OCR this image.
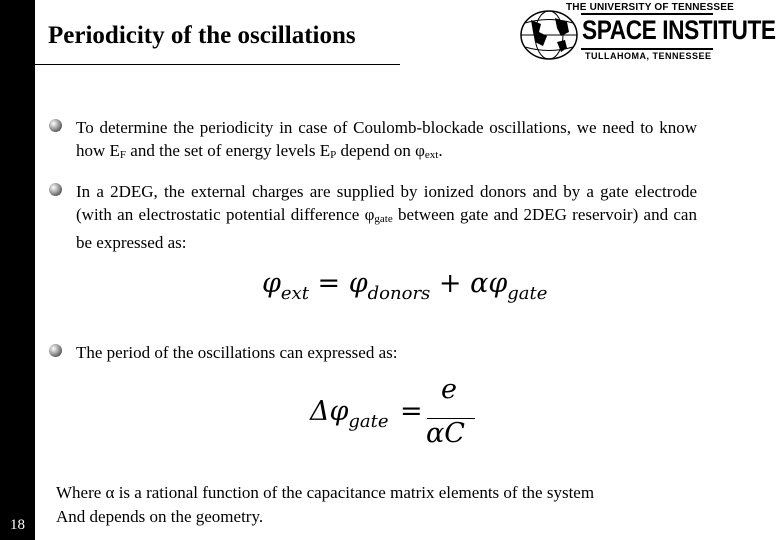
18
Periodicity of the oscillations
THE UNIVERSITY OF TENNESSEE
SPACE INSTITUTE
TULLAHOMA, TENNESSEE
To determine the periodicity in case of Coulomb-blockade oscillations, we need to know how EF and the set of energy levels EP depend on φext.
In a 2DEG, the external charges are supplied by ionized donors and by a gate electrode (with an electrostatic potential difference φgate between gate and 2DEG reservoir) and can be expressed as:
$\varphi_{ext} = \varphi_{donors} + \alpha\varphi_{gate}$
The period of the oscillations can expressed as:
$\Delta\varphi_{gate}$ =
e
αC
Where α is a rational function of the capacitance matrix elements of the system
And depends on the geometry.
